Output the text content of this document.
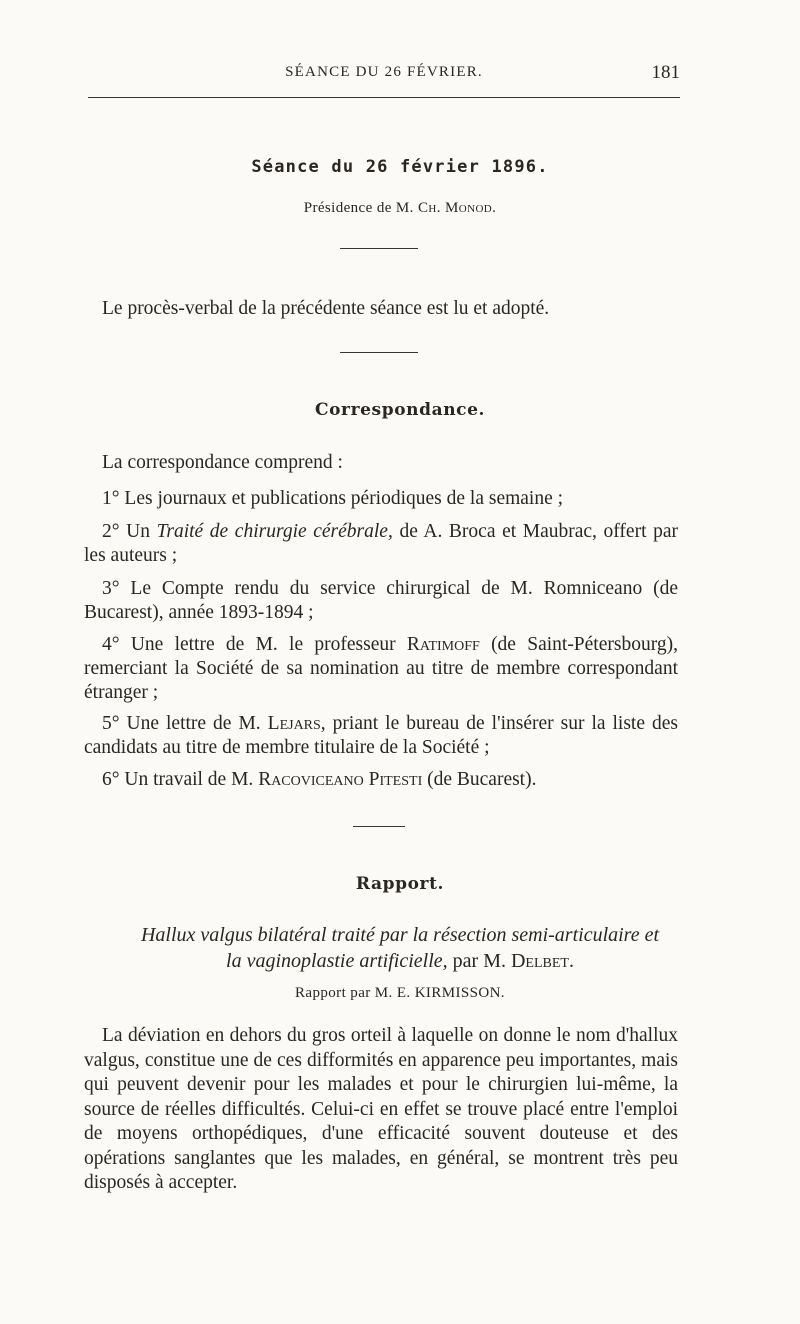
SÉANCE DU 26 FÉVRIER.	181
Séance du 26 février 1896.
Présidence de M. Ch. Monod.
Le procès-verbal de la précédente séance est lu et adopté.
Correspondance.
La correspondance comprend :
1° Les journaux et publications périodiques de la semaine ;
2° Un Traité de chirurgie cérébrale, de A. Broca et Maubrac, offert par les auteurs ;
3° Le Compte rendu du service chirurgical de M. Romniceano (de Bucarest), année 1893-1894 ;
4° Une lettre de M. le professeur Ratimoff (de Saint-Pétersbourg), remerciant la Société de sa nomination au titre de membre correspondant étranger ;
5° Une lettre de M. Lejars, priant le bureau de l'insérer sur la liste des candidats au titre de membre titulaire de la Société ;
6° Un travail de M. Racoviceano Pitesti (de Bucarest).
Rapport.
Hallux valgus bilatéral traité par la résection semi-articulaire et
la vaginoplastie artificielle, par M. Delbet.
Rapport par M. E. KIRMISSON.
La déviation en dehors du gros orteil à laquelle on donne le nom d'hallux valgus, constitue une de ces difformités en apparence peu importantes, mais qui peuvent devenir pour les malades et pour le chirurgien lui-même, la source de réelles difficultés. Celui-ci en effet se trouve placé entre l'emploi de moyens orthopédiques, d'une efficacité souvent douteuse et des opérations sanglantes que les malades, en général, se montrent très peu disposés à accepter.
